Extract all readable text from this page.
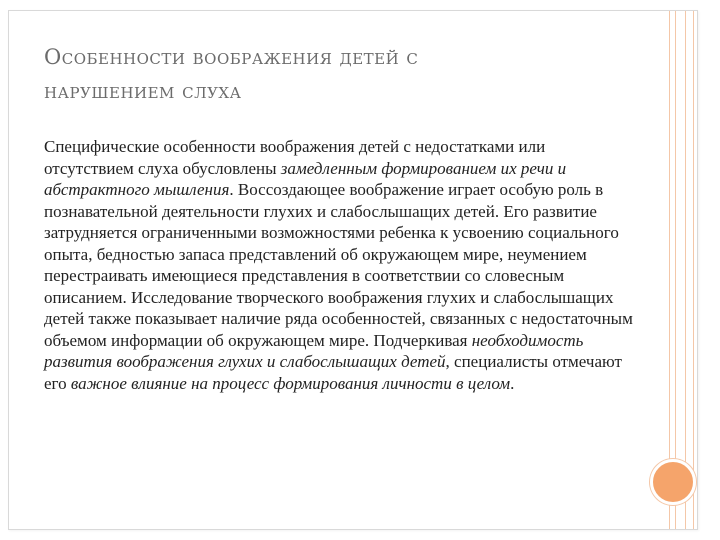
Особенности воображения детей с
нарушением слуха
Специфические особенности воображения детей с недостатками или отсутствием слуха обусловлены замедленным формированием их речи и абстрактного мышления. Воссоздающее воображение играет особую роль в познавательной деятельности глухих и слабослышащих детей. Его развитие затрудняется ограниченными возможностями ребенка к усвоению социального опыта, бедностью запаса представлений об окружающем мире, неумением перестраивать имеющиеся представления в соответствии со словесным описанием. Исследование творческого воображения глухих и слабослышащих детей также показывает наличие ряда особенностей, связанных с недостаточным объемом информации об окружающем мире. Подчеркивая необходимость развития воображения глухих и слабослышащих детей, специалисты отмечают его важное влияние на процесс формирования личности в целом.
